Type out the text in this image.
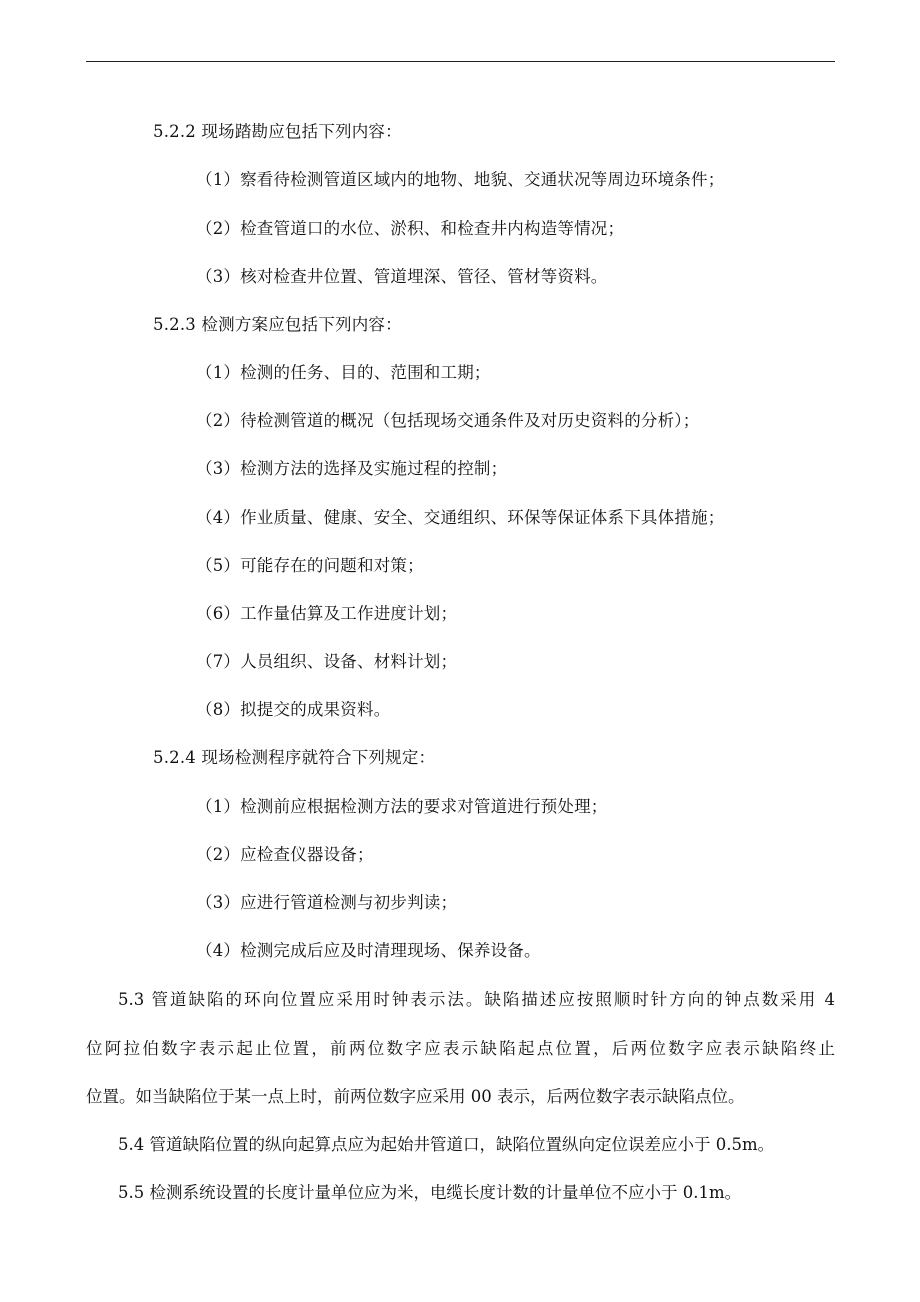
5.2.2 现场踏勘应包括下列内容：
（1）察看待检测管道区域内的地物、地貌、交通状况等周边环境条件；
（2）检查管道口的水位、淤积、和检查井内构造等情况；
（3）核对检查井位置、管道埋深、管径、管材等资料。
5.2.3 检测方案应包括下列内容：
（1）检测的任务、目的、范围和工期；
（2）待检测管道的概况（包括现场交通条件及对历史资料的分析）；
（3）检测方法的选择及实施过程的控制；
（4）作业质量、健康、安全、交通组织、环保等保证体系下具体措施；
（5）可能存在的问题和对策；
（6）工作量估算及工作进度计划；
（7）人员组织、设备、材料计划；
（8）拟提交的成果资料。
5.2.4 现场检测程序就符合下列规定：
（1）检测前应根据检测方法的要求对管道进行预处理；
（2）应检查仪器设备；
（3）应进行管道检测与初步判读；
（4）检测完成后应及时清理现场、保养设备。
5.3 管道缺陷的环向位置应采用时钟表示法。缺陷描述应按照顺时针方向的钟点数采用 4
位阿拉伯数字表示起止位置，前两位数字应表示缺陷起点位置，后两位数字应表示缺陷终止
位置。如当缺陷位于某一点上时，前两位数字应采用 00 表示，后两位数字表示缺陷点位。
5.4 管道缺陷位置的纵向起算点应为起始井管道口，缺陷位置纵向定位误差应小于 0.5m。
5.5 检测系统设置的长度计量单位应为米，电缆长度计数的计量单位不应小于 0.1m。
